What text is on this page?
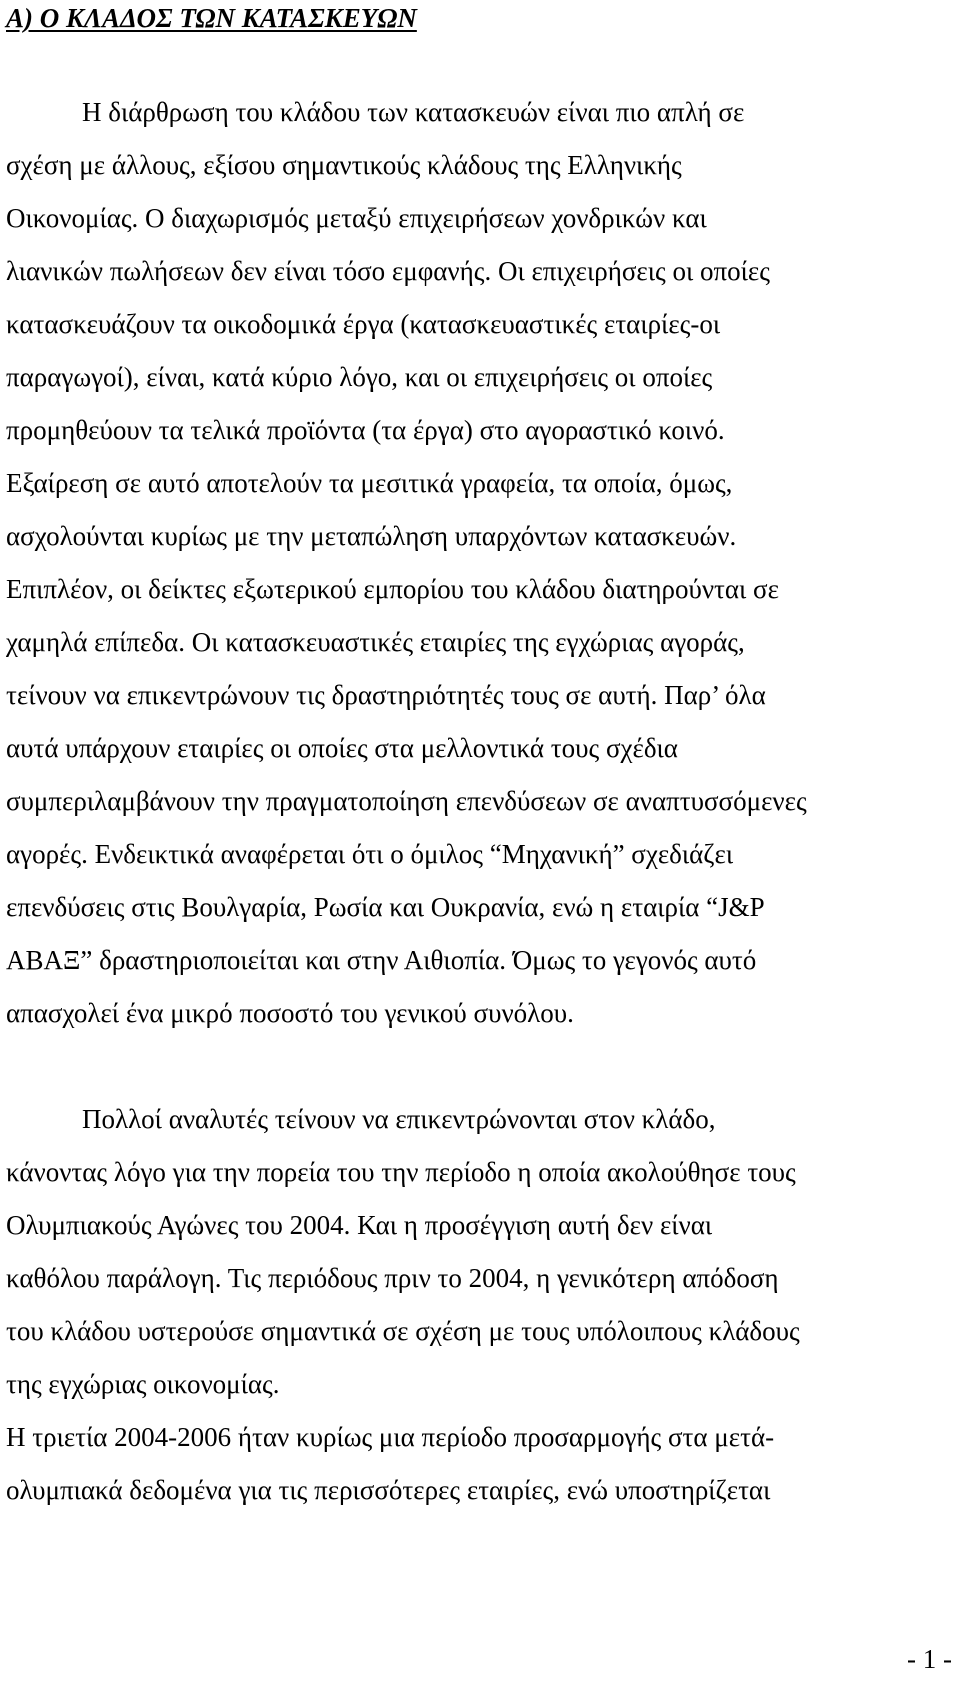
Α) Ο ΚΛΑΔΟΣ ΤΩΝ ΚΑΤΑΣΚΕΥΩΝ

Η διάρθρωση του κλάδου των κατασκευών είναι πιο απλή σε

σχέση με άλλους, εξίσου σημαντικούς κλάδους της Ελληνικής

Οικονομίας. Ο διαχωρισμός μεταξύ επιχειρήσεων χονδρικών και

λιανικών πωλήσεων δεν είναι τόσο εμφανής. Οι επιχειρήσεις οι οποίες

κατασκευάζουν τα οικοδομικά έργα (κατασκευαστικές εταιρίες-οι

παραγωγοί), είναι, κατά κύριο λόγο, και οι επιχειρήσεις οι οποίες

προμηθεύουν τα τελικά προϊόντα (τα έργα) στο αγοραστικό κοινό.

Εξαίρεση σε αυτό αποτελούν τα μεσιτικά γραφεία, τα οποία, όμως,

ασχολούνται κυρίως με την μεταπώληση υπαρχόντων κατασκευών.

Επιπλέον, οι δείκτες εξωτερικού εμπορίου του κλάδου διατηρούνται σε

χαμηλά επίπεδα. Οι κατασκευαστικές εταιρίες της εγχώριας αγοράς,

τείνουν να επικεντρώνουν τις δραστηριότητές τους σε αυτή. Παρ’ όλα

αυτά υπάρχουν εταιρίες οι οποίες στα μελλοντικά τους σχέδια

συμπεριλαμβάνουν την πραγματοποίηση επενδύσεων σε αναπτυσσόμενες

αγορές. Ενδεικτικά αναφέρεται ότι ο όμιλος “Μηχανική” σχεδιάζει

επενδύσεις στις Βουλγαρία, Ρωσία και Ουκρανία, ενώ η εταιρία “J&P

ΑΒΑΞ” δραστηριοποιείται και στην Αιθιοπία. Όμως το γεγονός αυτό

απασχολεί ένα μικρό ποσοστό του γενικού συνόλου.

Πολλοί αναλυτές τείνουν να επικεντρώνονται στον κλάδο,

κάνοντας λόγο για την πορεία του την περίοδο η οποία ακολούθησε τους

Ολυμπιακούς Αγώνες του 2004. Και η προσέγγιση αυτή δεν είναι

καθόλου παράλογη. Τις περιόδους πριν το 2004, η γενικότερη απόδοση

του κλάδου υστερούσε σημαντικά σε σχέση με τους υπόλοιπους κλάδους

της εγχώριας οικονομίας.

Η τριετία 2004-2006 ήταν κυρίως μια περίοδο προσαρμογής στα μετά-

ολυμπιακά δεδομένα για τις περισσότερες εταιρίες, ενώ υποστηρίζεται

- 1 -
